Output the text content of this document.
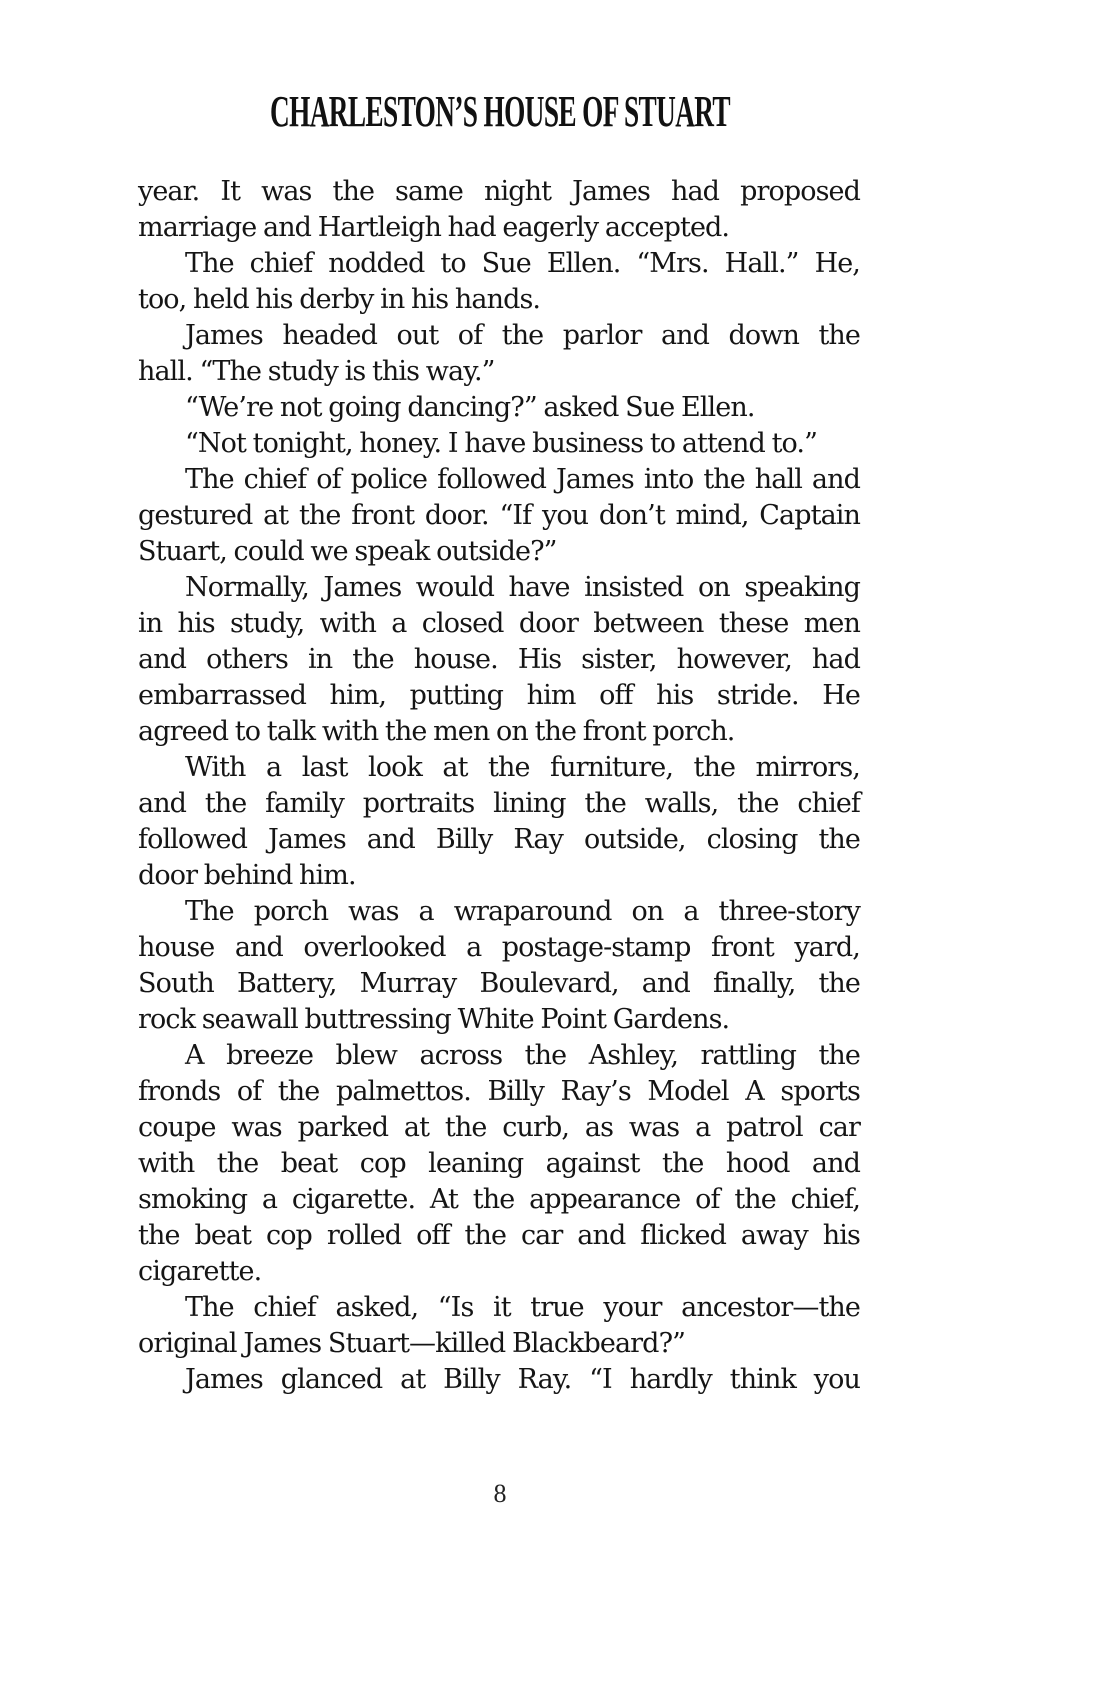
CHARLESTON’S HOUSE OF STUART
year. It was the same night James had proposed
marriage and Hartleigh had eagerly accepted.
The chief nodded to Sue Ellen. “Mrs. Hall.” He,
too, held his derby in his hands.
James headed out of the parlor and down the
hall. “The study is this way.”
“We’re not going dancing?” asked Sue Ellen.
“Not tonight, honey. I have business to attend to.”
The chief of police followed James into the hall and
gestured at the front door. “If you don’t mind, Captain
Stuart, could we speak outside?”
Normally, James would have insisted on speaking
in his study, with a closed door between these men
and others in the house. His sister, however, had
embarrassed him, putting him off his stride. He
agreed to talk with the men on the front porch.
With a last look at the furniture, the mirrors,
and the family portraits lining the walls, the chief
followed James and Billy Ray outside, closing the
door behind him.
The porch was a wraparound on a three-story
house and overlooked a postage-stamp front yard,
South Battery, Murray Boulevard, and finally, the
rock seawall buttressing White Point Gardens.
A breeze blew across the Ashley, rattling the
fronds of the palmettos. Billy Ray’s Model A sports
coupe was parked at the curb, as was a patrol car
with the beat cop leaning against the hood and
smoking a cigarette. At the appearance of the chief,
the beat cop rolled off the car and flicked away his
cigarette.
The chief asked, “Is it true your ancestor—the
original James Stuart—killed Blackbeard?”
James glanced at Billy Ray. “I hardly think you
8
